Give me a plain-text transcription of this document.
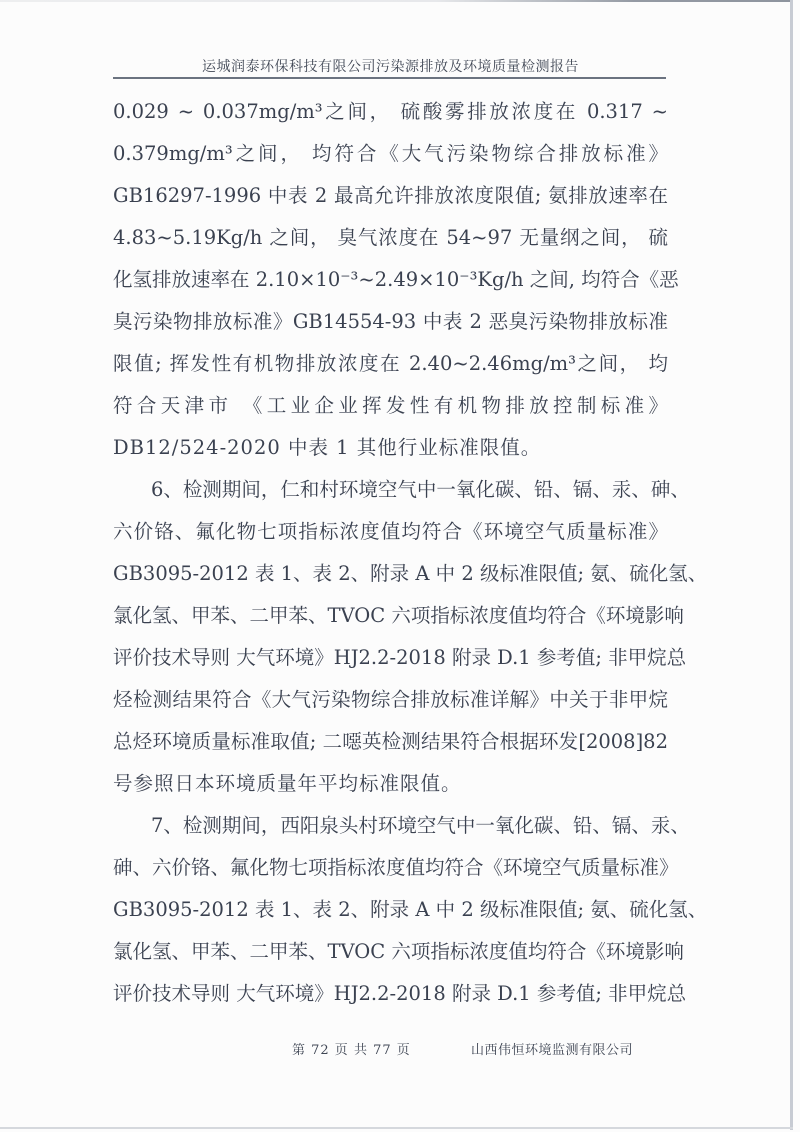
运城润泰环保科技有限公司污染源排放及环境质量检测报告
0.029 ~ 0.037mg/m³之间， 硫酸雾排放浓度在 0.317 ~
0.379mg/m³之间， 均符合《大气污染物综合排放标准》
GB16297-1996 中表 2 最高允许排放浓度限值; 氨排放速率在
4.83~5.19Kg/h 之间， 臭气浓度在 54~97 无量纲之间， 硫
化氢排放速率在 2.10×10⁻³~2.49×10⁻³Kg/h 之间, 均符合《恶
臭污染物排放标准》GB14554-93 中表 2 恶臭污染物排放标准
限值; 挥发性有机物排放浓度在 2.40~2.46mg/m³之间， 均
符合天津市 《工业企业挥发性有机物排放控制标准》
DB12/524-2020 中表 1 其他行业标准限值。
6、检测期间，仁和村环境空气中一氧化碳、铅、镉、汞、砷、
六价铬、氟化物七项指标浓度值均符合《环境空气质量标准》
GB3095-2012 表 1、表 2、附录 A 中 2 级标准限值; 氨、硫化氢、
氯化氢、甲苯、二甲苯、TVOC 六项指标浓度值均符合《环境影响
评价技术导则 大气环境》HJ2.2-2018 附录 D.1 参考值; 非甲烷总
烃检测结果符合《大气污染物综合排放标准详解》中关于非甲烷
总烃环境质量标准取值; 二噁英检测结果符合根据环发[2008]82
号参照日本环境质量年平均标准限值。
7、检测期间，西阳泉头村环境空气中一氧化碳、铅、镉、汞、
砷、六价铬、氟化物七项指标浓度值均符合《环境空气质量标准》
GB3095-2012 表 1、表 2、附录 A 中 2 级标准限值; 氨、硫化氢、
氯化氢、甲苯、二甲苯、TVOC 六项指标浓度值均符合《环境影响
评价技术导则 大气环境》HJ2.2-2018 附录 D.1 参考值; 非甲烷总
第 72 页 共 77 页	山西伟恒环境监测有限公司
